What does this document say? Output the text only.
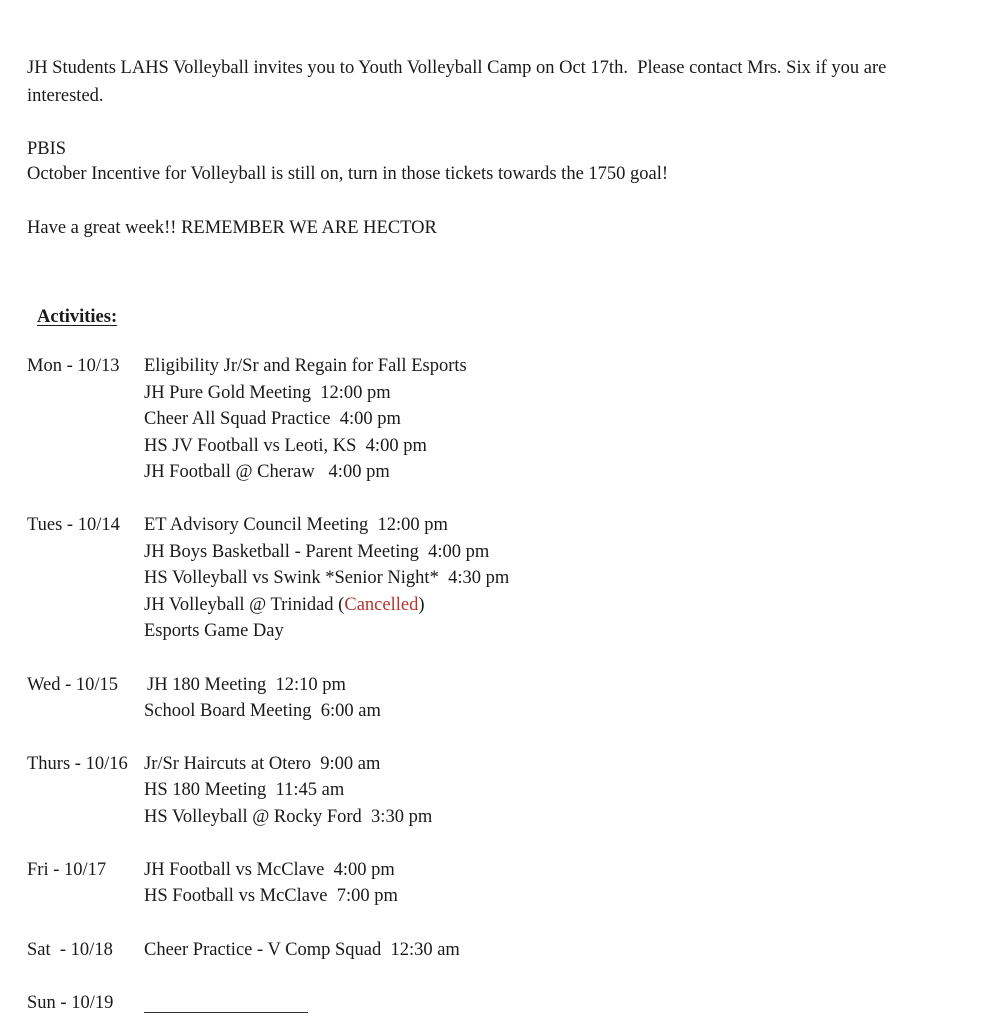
JH Students LAHS Volleyball invites you to Youth Volleyball Camp on Oct 17th.  Please contact Mrs. Six if you are
interested.
PBIS
October Incentive for Volleyball is still on, turn in those tickets towards the 1750 goal!
Have a great week!! REMEMBER WE ARE HECTOR
Activities:
Mon - 10/13 Eligibility Jr/Sr and Regain for Fall Esports
JH Pure Gold Meeting  12:00 pm
Cheer All Squad Practice  4:00 pm
HS JV Football vs Leoti, KS  4:00 pm
JH Football @ Cheraw   4:00 pm
Tues - 10/14 ET Advisory Council Meeting  12:00 pm
JH Boys Basketball - Parent Meeting  4:00 pm
HS Volleyball vs Swink *Senior Night*  4:30 pm
JH Volleyball @ Trinidad (Cancelled)
Esports Game Day
Wed - 10/15 JH 180 Meeting  12:10 pm
School Board Meeting  6:00 am
Thurs - 10/16 Jr/Sr Haircuts at Otero  9:00 am
HS 180 Meeting  11:45 am
HS Volleyball @ Rocky Ford  3:30 pm
Fri - 10/17 JH Football vs McClave  4:00 pm
HS Football vs McClave  7:00 pm
Sat  - 10/18 Cheer Practice - V Comp Squad  12:30 am
Sun - 10/19
